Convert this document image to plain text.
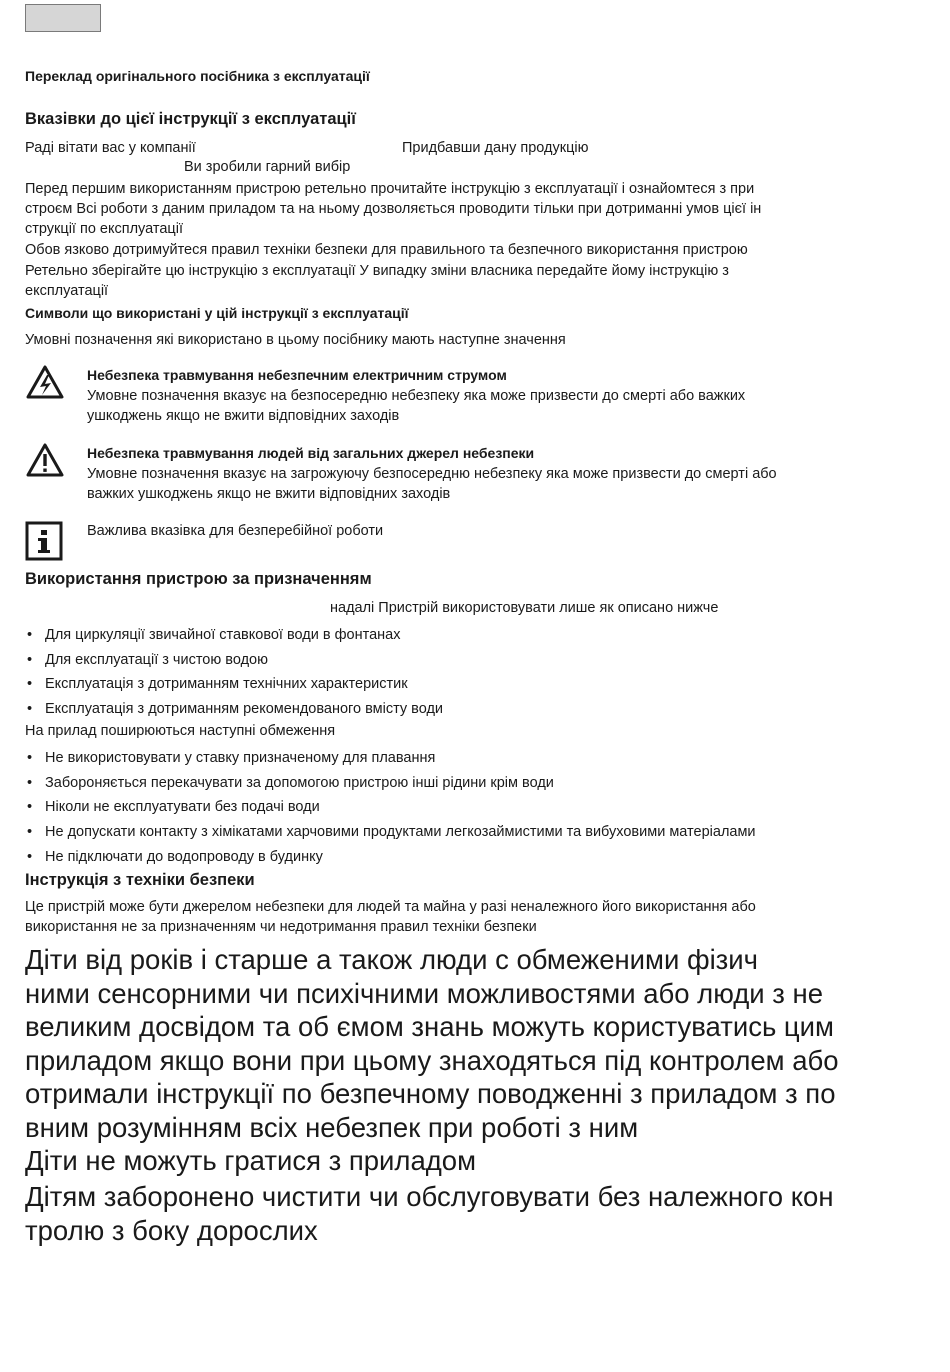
Переклад оригінального посібника з експлуатації
Вказівки до цієї інструкції з експлуатації
Раді вітати вас у компанії	Придбавши дану продукцію
Ви зробили гарний вибір
Перед першим використанням пристрою ретельно прочитайте інструкцію з експлуатації і ознайомтеся з при
строєм Всі роботи з даним приладом та на ньому дозволяється проводити тільки при дотриманні умов цієї ін
струкції по експлуатації
Обов язково дотримуйтеся правил техніки безпеки для правильного та безпечного використання пристрою
Ретельно зберігайте цю інструкцію з експлуатації У випадку зміни власника передайте йому інструкцію з
експлуатації
Символи що використані у цій інструкції з експлуатації
Умовні позначення які використано в цьому посібнику мають наступне значення
Небезпека травмування небезпечним електричним струмом
Умовне позначення вказує на безпосередню небезпеку яка може призвести до смерті або важких
ушкоджень якщо не вжити відповідних заходів
Небезпека травмування людей від загальних джерел небезпеки
Умовне позначення вказує на загрожуючу безпосередню небезпеку яка може призвести до смерті або
важких ушкоджень якщо не вжити відповідних заходів
Важлива вказівка для безперебійної роботи
Використання пристрою за призначенням
надалі Пристрій використовувати лише як описано нижче
• Для циркуляції звичайної ставкової води в фонтанах
• Для експлуатації з чистою водою
• Експлуатація з дотриманням технічних характеристик
• Експлуатація з дотриманням рекомендованого вмісту води
На прилад поширюються наступні обмеження
• Не використовувати у ставку призначеному для плавання
• Забороняється перекачувати за допомогою пристрою інші рідини крім води
• Ніколи не експлуатувати без подачі води
• Не допускати контакту з хімікатами харчовими продуктами легкозаймистими та вибуховими матеріалами
• Не підключати до водопроводу в будинку
Інструкція з техніки безпеки
Це пристрій може бути джерелом небезпеки для людей та майна у разі неналежного його використання або
використання не за призначенням чи недотримання правил техніки безпеки
Діти від років і старше а також люди с обмеженими фізич
ними сенсорними чи психічними можливостями або люди з не
великим досвідом та об ємом знань можуть користуватись цим
приладом якщо вони при цьому знаходяться під контролем або
отримали інструкції по безпечному поводженні з приладом з по
вним розумінням всіх небезпек при роботі з ним
Діти не можуть гратися з приладом
Дітям заборонено чистити чи обслуговувати без належного кон
тролю з боку дорослих
